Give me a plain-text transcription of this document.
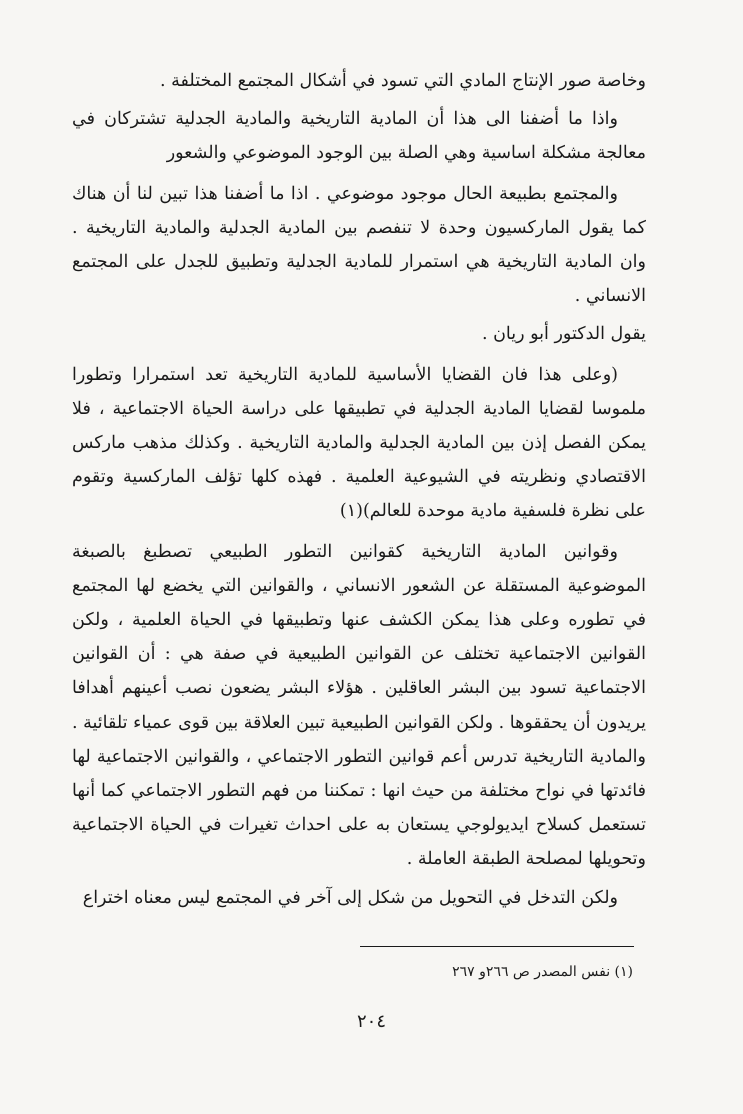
وخاصة صور الإنتاج المادي التي تسود في أشكال المجتمع المختلفة .

واذا ما أضفنا الى هذا أن المادية التاريخية والمادية الجدلية تشتركان في معالجة مشكلة اساسية وهي الصلة بين الوجود الموضوعي والشعور

والمجتمع بطبيعة الحال موجود موضوعي . اذا ما أضفنا هذا تبين لنا أن هناك كما يقول الماركسيون وحدة لا تنفصم بين المادية الجدلية والمادية التاريخية . وان المادية التاريخية هي استمرار للمادية الجدلية وتطبيق للجدل على المجتمع الانساني .

يقول الدكتور أبو ريان .

(وعلى هذا فان القضايا الأساسية للمادية التاريخية تعد استمرارا وتطورا ملموسا لقضايا المادية الجدلية في تطبيقها على دراسة الحياة الاجتماعية ، فلا يمكن الفصل إذن بين المادية الجدلية والمادية التاريخية . وكذلك مذهب ماركس الاقتصادي ونظريته في الشيوعية العلمية . فهذه كلها تؤلف الماركسية وتقوم على نظرة فلسفية مادية موحدة للعالم)(١)

وقوانين المادية التاريخية كقوانين التطور الطبيعي تصطبغ بالصبغة الموضوعية المستقلة عن الشعور الانساني ، والقوانين التي يخضع لها المجتمع في تطوره وعلى هذا يمكن الكشف عنها وتطبيقها في الحياة العلمية ، ولكن القوانين الاجتماعية تختلف عن القوانين الطبيعية في صفة هي : أن القوانين الاجتماعية تسود بين البشر العاقلين . هؤلاء البشر يضعون نصب أعينهم أهدافا يريدون أن يحققوها . ولكن القوانين الطبيعية تبين العلاقة بين قوى عمياء تلقائية . والمادية التاريخية تدرس أعم قوانين التطور الاجتماعي ، والقوانين الاجتماعية لها فائدتها في نواح مختلفة من حيث انها : تمكننا من فهم التطور الاجتماعي كما أنها تستعمل كسلاح ايديولوجي يستعان به على احداث تغيرات في الحياة الاجتماعية وتحويلها لمصلحة الطبقة العاملة .

ولكن التدخل في التحويل من شكل إلى آخر في المجتمع ليس معناه اختراع

(١) نفس المصدر ص ٢٦٦و ٢٦٧
٢٠٤
